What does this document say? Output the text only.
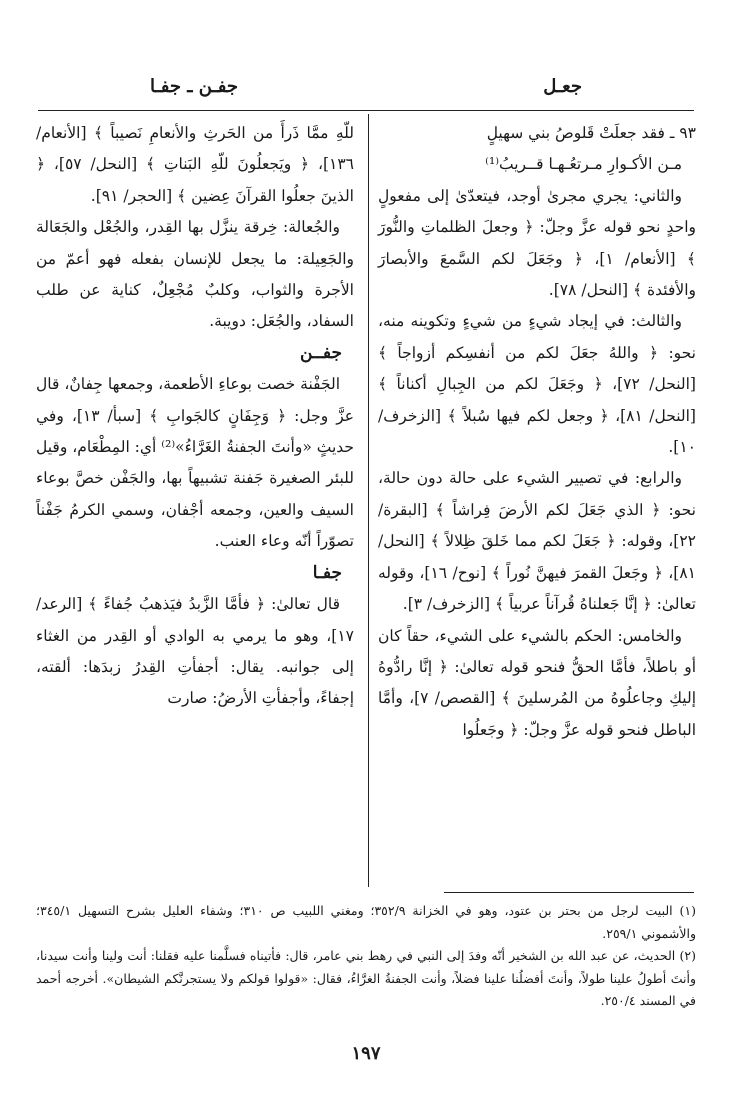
جعـل
جفـن ـ جفـا

٩٣ ـ فقد جعلَتْ قَلوصُ بني سهيلٍ

مـن الأكـوارِ مـرتعُـهـا قــريبُ⁽¹⁾

والثاني: يجري مجرىٰ أوجد، فيتعدّىٰ إلى مفعولٍ واحدٍ نحو قوله عزَّ وجلّ: ﴿ وجعلَ الظلماتِ والنُّورَ ﴾ [الأنعام/ ١]، ﴿ وجَعَلَ لكم السَّمعَ والأبصارَ والأفئدة ﴾ [النحل/ ٧٨].

والثالث: في إيجاد شيءٍ من شيءٍ وتكوينه منه، نحو: ﴿ واللهُ جعَلَ لكم من أنفسِكم أزواجاً ﴾ [النحل/ ٧٢]، ﴿ وجَعَلَ لكم من الجِبالِ أكناناً ﴾ [النحل/ ٨١]، ﴿ وجعل لكم فيها سُبلاً ﴾ [الزخرف/ ١٠].

والرابع: في تصيير الشيء على حالة دون حالة، نحو: ﴿ الذي جَعَلَ لكم الأرضَ فِراشاً ﴾ [البقرة/ ٢٢]، وقوله: ﴿ جَعَلَ لكم مما خَلقَ ظِلالاً ﴾ [النحل/ ٨١]، ﴿ وجَعلَ القمرَ فيهنَّ نُوراً ﴾ [نوح/ ١٦]، وقوله تعالىٰ: ﴿ إنَّا جَعلناهُ قُرآناً عربياً ﴾ [الزخرف/ ٣].

والخامس: الحكم بالشيء على الشيء، حقاً كان أو باطلاً، فأمَّا الحقُّ فنحو قوله تعالىٰ: ﴿ إنَّا رادُّوهُ إليكِ وجاعلُوهُ من المُرسلينَ ﴾ [القصص/ ٧]، وأمَّا الباطل فنحو قوله عزَّ وجلّ: ﴿ وجَعلُوا

للّهِ ممَّا ذَرأَ من الحَرثِ والأنعامِ نَصيباً ﴾ [الأنعام/ ١٣٦]، ﴿ ويَجعلُونَ للّهِ البَناتِ ﴾ [النحل/ ٥٧]، ﴿ الذينَ جعلُوا القرآنَ عِضين ﴾ [الحجر/ ٩١].

والجُعالة: خِرقة ينزَّل بها القِدر، والجُعْل والجَعَالة والجَعِيلة: ما يجعل للإنسان بفعله فهو أعمّ من الأجرة والثواب، وكلبٌ مُجْعِلٌ، كناية عن طلب السفاد، والجُعَل: دويبة.

جفــن

الجَفْنة خصت بوعاءِ الأطعمة، وجمعها جِفانٌ، قال عزَّ وجل: ﴿ وَجِفَانٍ كالجَوابِ ﴾ [سبأ/ ١٣]، وفي حديثٍ «وأنتَ الجفنةُ الغَرَّاءُ»⁽²⁾ أي: المِطْعَام، وقيل للبئر الصغيرة جَفنة تشبيهاً بها، والجَفْن خصَّ بوعاء السيف والعين، وجمعه أجْفان، وسمي الكرمُ جَفْناً تصوّراً أنّه وعاء العنب.

جفـا

قال تعالىٰ: ﴿ فأمَّا الزَّبدُ فيَذهبُ جُفاءً ﴾ [الرعد/ ١٧]، وهو ما يرمي به الوادي أو القِدر من الغثاء إلى جوانبه. يقال: أجفأتِ القِدرُ زبدَها: ألقته، إجفاءً، وأجفأتِ الأرضُ: صارت

(١) البيت لرجل من بحتر بن عتود، وهو في الخزانة ٣٥٢/٩؛ ومغني اللبيب ص ٣١٠؛ وشفاء العليل بشرح التسهيل ٣٤٥/١؛ والأشموني ٢٥٩/١.

(٢) الحديث، عن عبد الله بن الشخير أنّه وفدَ إلى النبي في رهط بني عامر، قال: فأتيناه فسلَّمنا عليه فقلنا: أنت ولينا وأنت سيدنا، وأنتَ أطولُ علينا طولاً، وأنتَ أفضلُنا علينا فضلاً، وأنت الجفنةُ الغرَّاءُ، فقال: «قولوا قولكم ولا يستجرنَّكم الشيطان». أخرجه أحمد في المسند ٢٥٠/٤.

١٩٧
